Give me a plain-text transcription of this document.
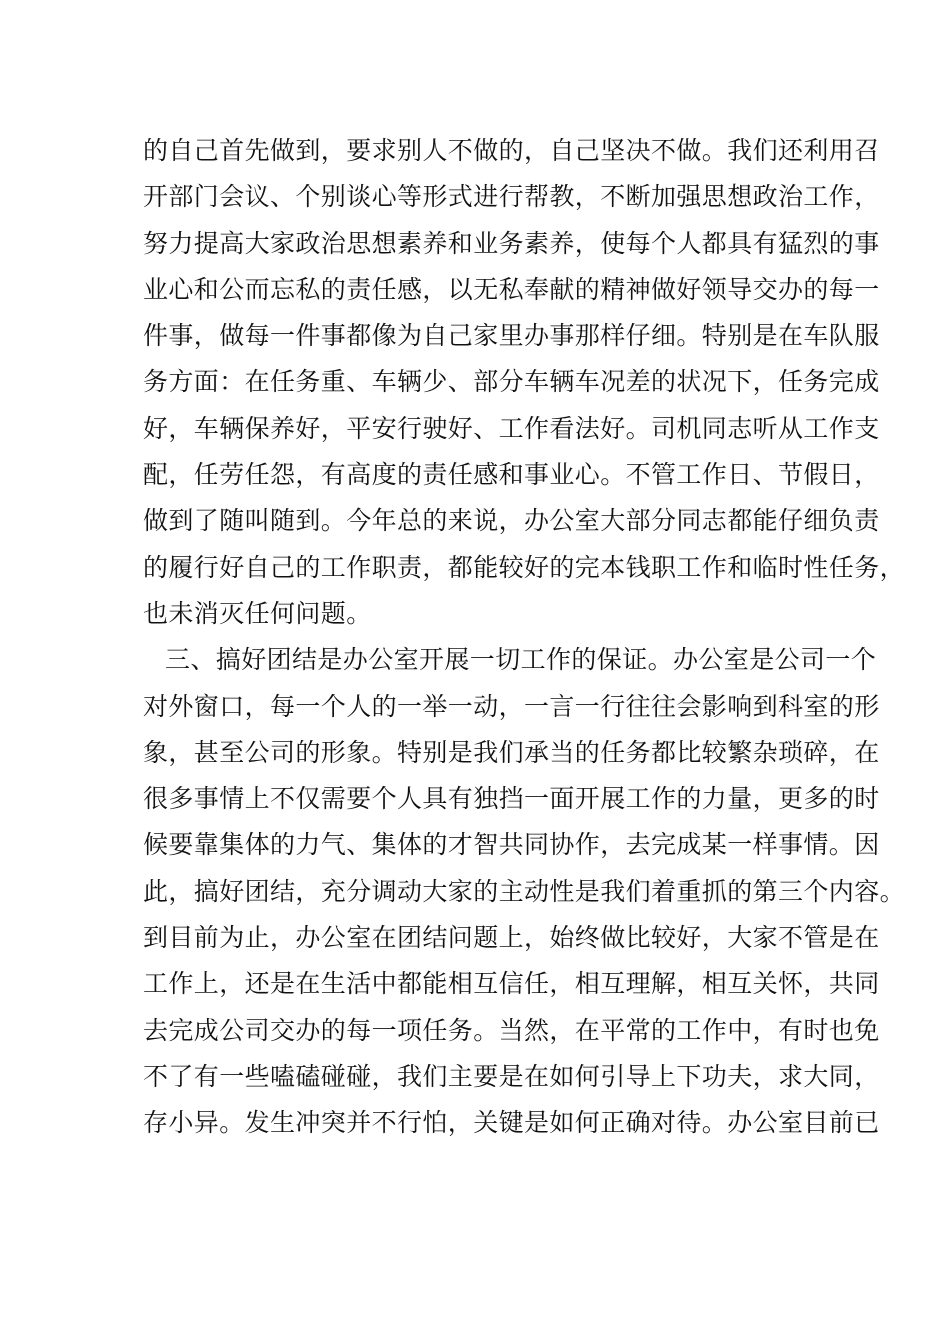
的自己首先做到，要求别人不做的，自己坚决不做。我们还利用召
开部门会议、个别谈心等形式进行帮教，不断加强思想政治工作，
努力提高大家政治思想素养和业务素养，使每个人都具有猛烈的事
业心和公而忘私的责任感，以无私奉献的精神做好领导交办的每一
件事，做每一件事都像为自己家里办事那样仔细。特别是在车队服
务方面：在任务重、车辆少、部分车辆车况差的状况下，任务完成
好，车辆保养好，平安行驶好、工作看法好。司机同志听从工作支
配，任劳任怨，有高度的责任感和事业心。不管工作日、节假日，
做到了随叫随到。今年总的来说，办公室大部分同志都能仔细负责
的履行好自己的工作职责，都能较好的完本钱职工作和临时性任务，
也未消灭任何问题。
三、搞好团结是办公室开展一切工作的保证。办公室是公司一个
对外窗口，每一个人的一举一动，一言一行往往会影响到科室的形
象，甚至公司的形象。特别是我们承当的任务都比较繁杂琐碎，在
很多事情上不仅需要个人具有独挡一面开展工作的力量，更多的时
候要靠集体的力气、集体的才智共同协作，去完成某一样事情。因
此，搞好团结，充分调动大家的主动性是我们着重抓的第三个内容。
到目前为止，办公室在团结问题上，始终做比较好，大家不管是在
工作上，还是在生活中都能相互信任，相互理解，相互关怀，共同
去完成公司交办的每一项任务。当然，在平常的工作中，有时也免
不了有一些嗑磕碰碰，我们主要是在如何引导上下功夫，求大同，
存小异。发生冲突并不行怕，关键是如何正确对待。办公室目前已
